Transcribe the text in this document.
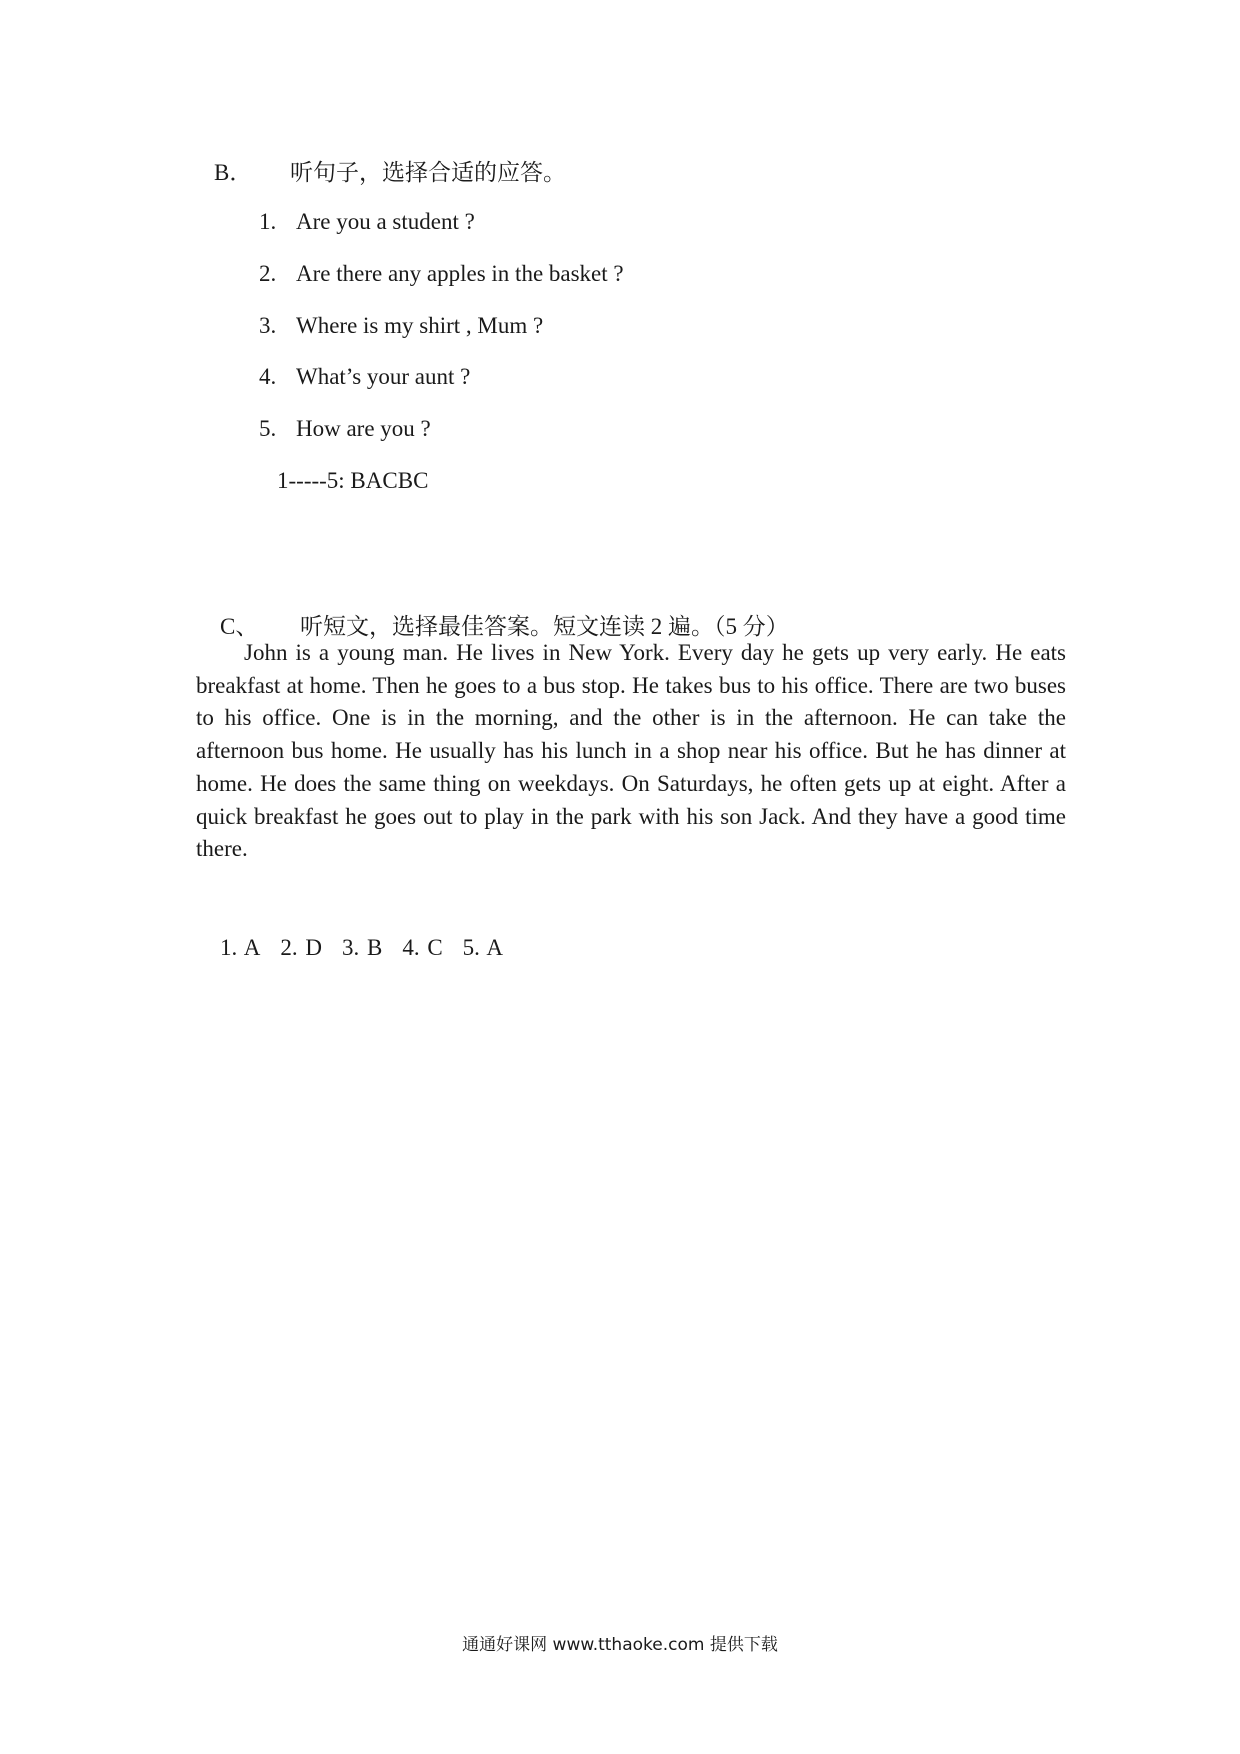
B． 听句子，选择合适的应答。
1. Are you a student ?
2. Are there any apples in the basket ?
3. Where is my shirt , Mum ?
4. What’s your aunt ?
5. How are you ?
1-----5: BACBC
C、 听短文，选择最佳答案。短文连读 2 遍。（5 分）
John is a young man. He lives in New York. Every day he gets up very early. He eats breakfast at home. Then he goes to a bus stop. He takes bus to his office. There are two buses to his office. One is in the morning, and the other is in the afternoon. He can take the afternoon bus home. He usually has his lunch in a shop near his office. But he has dinner at home. He does the same thing on weekdays. On Saturdays, he often gets up at eight. After a quick breakfast he goes out to play in the park with his son Jack. And they have a good time there.
1. A 2. D 3. B 4. C 5. A
通通好课网 www.tthaoke.com 提供下载
